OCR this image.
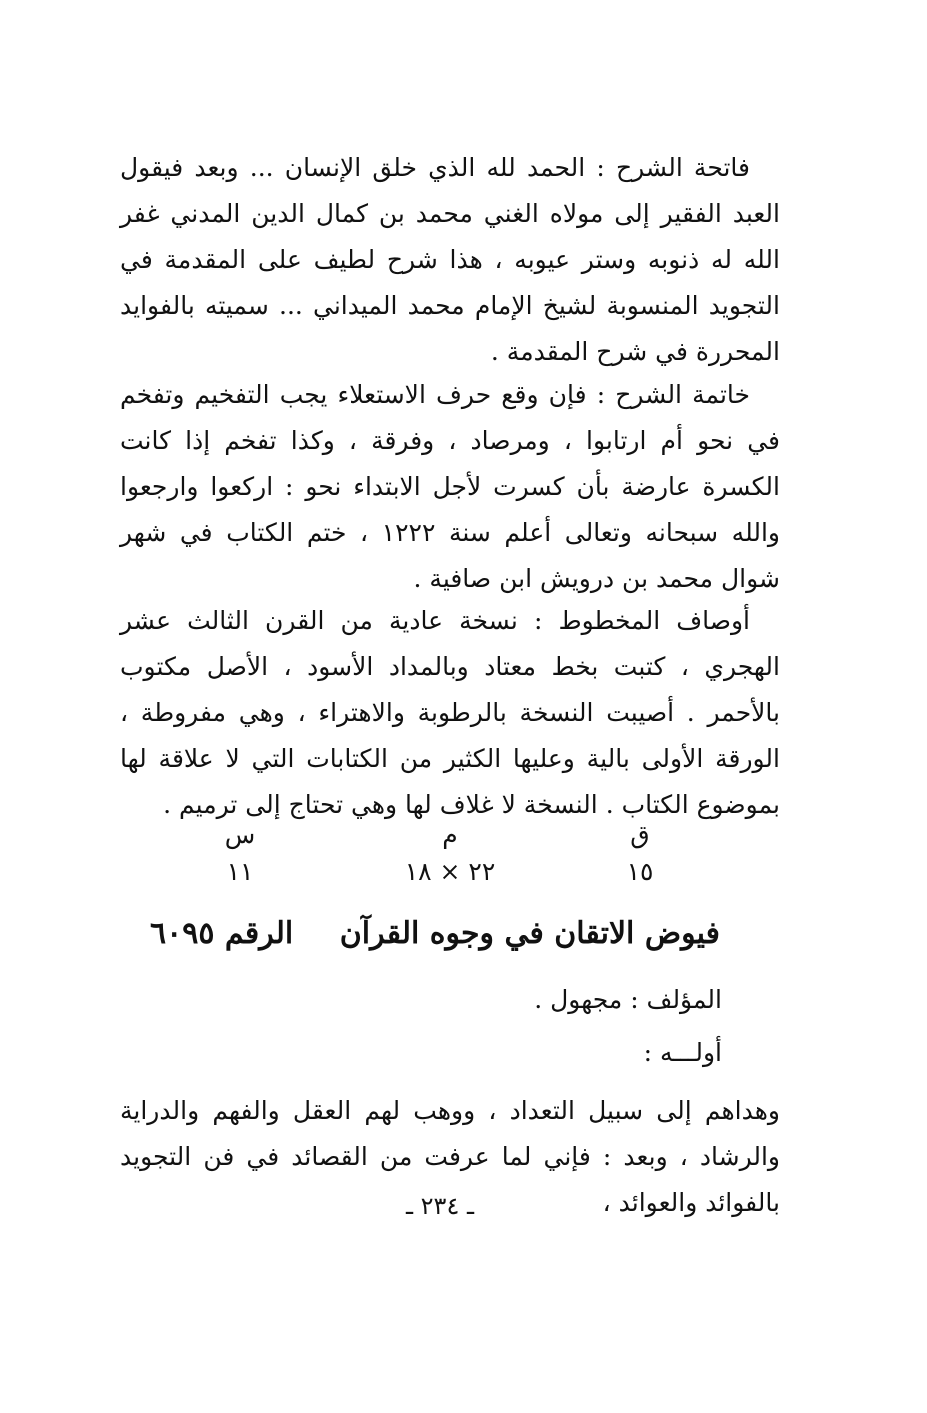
فاتحة الشرح : الحمد لله الذي خلق الإنسان ... وبعد فيقول العبد الفقير إلى مولاه الغني محمد بن كمال الدين المدني غفر الله له ذنوبه وستر عيوبه ، هذا شرح لطيف على المقدمة في التجويد المنسوبة لشيخ الإمام محمد الميداني ... سميته بالفوايد المحررة في شرح المقدمة .

خاتمة الشرح : فإن وقع حرف الاستعلاء يجب التفخيم وتفخم في نحو أم ارتابوا ، ومرصاد ، وفرقة ، وكذا تفخم إذا كانت الكسرة عارضة بأن كسرت لأجل الابتداء نحو : اركعوا وارجعوا والله سبحانه وتعالى أعلم سنة ١٢٢٢ ، ختم الكتاب في شهر شوال محمد بن درويش ابن صافية .

أوصاف المخطوط : نسخة عادية من القرن الثالث عشر الهجري ، كتبت بخط معتاد وبالمداد الأسود ، الأصل مكتوب بالأحمر . أصيبت النسخة بالرطوبة والاهتراء ، وهي مفروطة ، الورقة الأولى بالية وعليها الكثير من الكتابات التي لا علاقة لها بموضوع الكتاب . النسخة لا غلاف لها وهي تحتاج إلى ترميم .

ق
١٥
م
٢٢ × ١٨
س
١١
فيوض الاتقان في وجوه القرآن
الرقم ٦٠٩٥
المؤلف : مجهول .
أولـــه :

وهداهم إلى سبيل التعداد ، ووهب لهم العقل والفهم والدراية والرشاد ، وبعد : فإني لما عرفت من القصائد في فن التجويد بالفوائد والعوائد ،

ـ ٢٣٤ ـ
